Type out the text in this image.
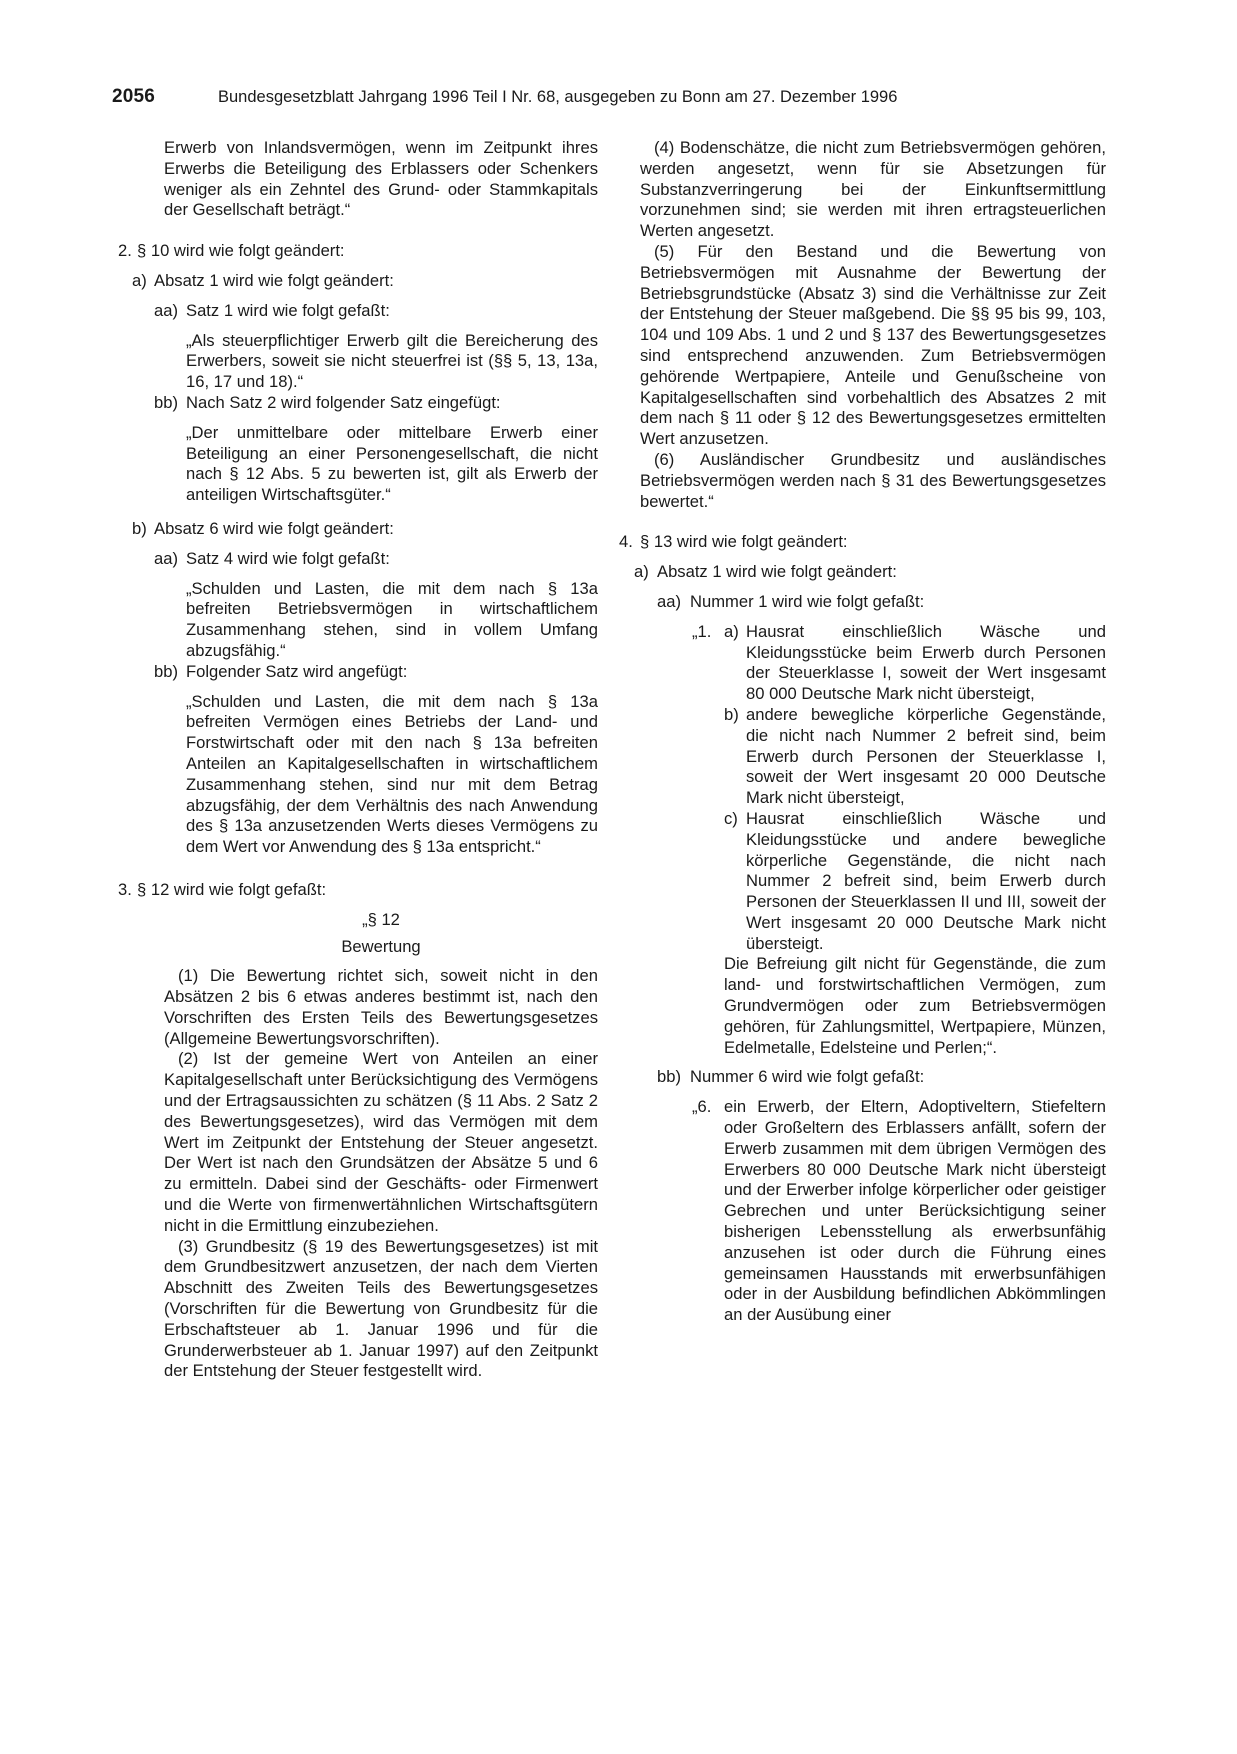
2056	Bundesgesetzblatt Jahrgang 1996 Teil I Nr. 68, ausgegeben zu Bonn am 27. Dezember 1996

Erwerb von Inlandsvermögen, wenn im Zeitpunkt ihres Erwerbs die Beteiligung des Erblassers oder Schenkers weniger als ein Zehntel des Grund- oder Stammkapitals der Gesellschaft beträgt.“

2. § 10 wird wie folgt geändert:
a) Absatz 1 wird wie folgt geändert:
aa) Satz 1 wird wie folgt gefaßt:

„Als steuerpflichtiger Erwerb gilt die Bereicherung des Erwerbers, soweit sie nicht steuerfrei ist (§§ 5, 13, 13a, 16, 17 und 18).“

bb) Nach Satz 2 wird folgender Satz eingefügt:

„Der unmittelbare oder mittelbare Erwerb einer Beteiligung an einer Personengesellschaft, die nicht nach § 12 Abs. 5 zu bewerten ist, gilt als Erwerb der anteiligen Wirtschaftsgüter.“

b) Absatz 6 wird wie folgt geändert:
aa) Satz 4 wird wie folgt gefaßt:

„Schulden und Lasten, die mit dem nach § 13a befreiten Betriebsvermögen in wirtschaftlichem Zusammenhang stehen, sind in vollem Umfang abzugsfähig.“

bb) Folgender Satz wird angefügt:

„Schulden und Lasten, die mit dem nach § 13a befreiten Vermögen eines Betriebs der Land- und Forstwirtschaft oder mit den nach § 13a befreiten Anteilen an Kapitalgesellschaften in wirtschaftlichem Zusammenhang stehen, sind nur mit dem Betrag abzugsfähig, der dem Verhältnis des nach Anwendung des § 13a anzusetzenden Werts dieses Vermögens zu dem Wert vor Anwendung des § 13a entspricht.“

3. § 12 wird wie folgt gefaßt:

„§ 12

Bewertung

(1) Die Bewertung richtet sich, soweit nicht in den Absätzen 2 bis 6 etwas anderes bestimmt ist, nach den Vorschriften des Ersten Teils des Bewertungsgesetzes (Allgemeine Bewertungsvorschriften).

(2) Ist der gemeine Wert von Anteilen an einer Kapitalgesellschaft unter Berücksichtigung des Vermögens und der Ertragsaussichten zu schätzen (§ 11 Abs. 2 Satz 2 des Bewertungsgesetzes), wird das Vermögen mit dem Wert im Zeitpunkt der Entstehung der Steuer angesetzt. Der Wert ist nach den Grundsätzen der Absätze 5 und 6 zu ermitteln. Dabei sind der Geschäfts- oder Firmenwert und die Werte von firmenwertähnlichen Wirtschaftsgütern nicht in die Ermittlung einzubeziehen.

(3) Grundbesitz (§ 19 des Bewertungsgesetzes) ist mit dem Grundbesitzwert anzusetzen, der nach dem Vierten Abschnitt des Zweiten Teils des Bewertungsgesetzes (Vorschriften für die Bewertung von Grundbesitz für die Erbschaftsteuer ab 1. Januar 1996 und für die Grunderwerbsteuer ab 1. Januar 1997) auf den Zeitpunkt der Entstehung der Steuer festgestellt wird.

(4) Bodenschätze, die nicht zum Betriebsvermögen gehören, werden angesetzt, wenn für sie Absetzungen für Substanzverringerung bei der Einkunftsermittlung vorzunehmen sind; sie werden mit ihren ertragsteuerlichen Werten angesetzt.

(5) Für den Bestand und die Bewertung von Betriebsvermögen mit Ausnahme der Bewertung der Betriebsgrundstücke (Absatz 3) sind die Verhältnisse zur Zeit der Entstehung der Steuer maßgebend. Die §§ 95 bis 99, 103, 104 und 109 Abs. 1 und 2 und § 137 des Bewertungsgesetzes sind entsprechend anzuwenden. Zum Betriebsvermögen gehörende Wertpapiere, Anteile und Genußscheine von Kapitalgesellschaften sind vorbehaltlich des Absatzes 2 mit dem nach § 11 oder § 12 des Bewertungsgesetzes ermittelten Wert anzusetzen.

(6) Ausländischer Grundbesitz und ausländisches Betriebsvermögen werden nach § 31 des Bewertungsgesetzes bewertet.“

4. § 13 wird wie folgt geändert:
a) Absatz 1 wird wie folgt geändert:
aa) Nummer 1 wird wie folgt gefaßt:
„1. a) Hausrat einschließlich Wäsche und Kleidungsstücke beim Erwerb durch Personen der Steuerklasse I, soweit der Wert insgesamt 80 000 Deutsche Mark nicht übersteigt,
b) andere bewegliche körperliche Gegenstände, die nicht nach Nummer 2 befreit sind, beim Erwerb durch Personen der Steuerklasse I, soweit der Wert insgesamt 20 000 Deutsche Mark nicht übersteigt,
c) Hausrat einschließlich Wäsche und Kleidungsstücke und andere bewegliche körperliche Gegenstände, die nicht nach Nummer 2 befreit sind, beim Erwerb durch Personen der Steuerklassen II und III, soweit der Wert insgesamt 20 000 Deutsche Mark nicht übersteigt.

Die Befreiung gilt nicht für Gegenstände, die zum land- und forstwirtschaftlichen Vermögen, zum Grundvermögen oder zum Betriebsvermögen gehören, für Zahlungsmittel, Wertpapiere, Münzen, Edelmetalle, Edelsteine und Perlen;“.

bb) Nummer 6 wird wie folgt gefaßt:
„6. ein Erwerb, der Eltern, Adoptiveltern, Stiefeltern oder Großeltern des Erblassers anfällt, sofern der Erwerb zusammen mit dem übrigen Vermögen des Erwerbers 80 000 Deutsche Mark nicht übersteigt und der Erwerber infolge körperlicher oder geistiger Gebrechen und unter Berücksichtigung seiner bisherigen Lebensstellung als erwerbsunfähig anzusehen ist oder durch die Führung eines gemeinsamen Hausstands mit erwerbsunfähigen oder in der Ausbildung befindlichen Abkömmlingen an der Ausübung einer
